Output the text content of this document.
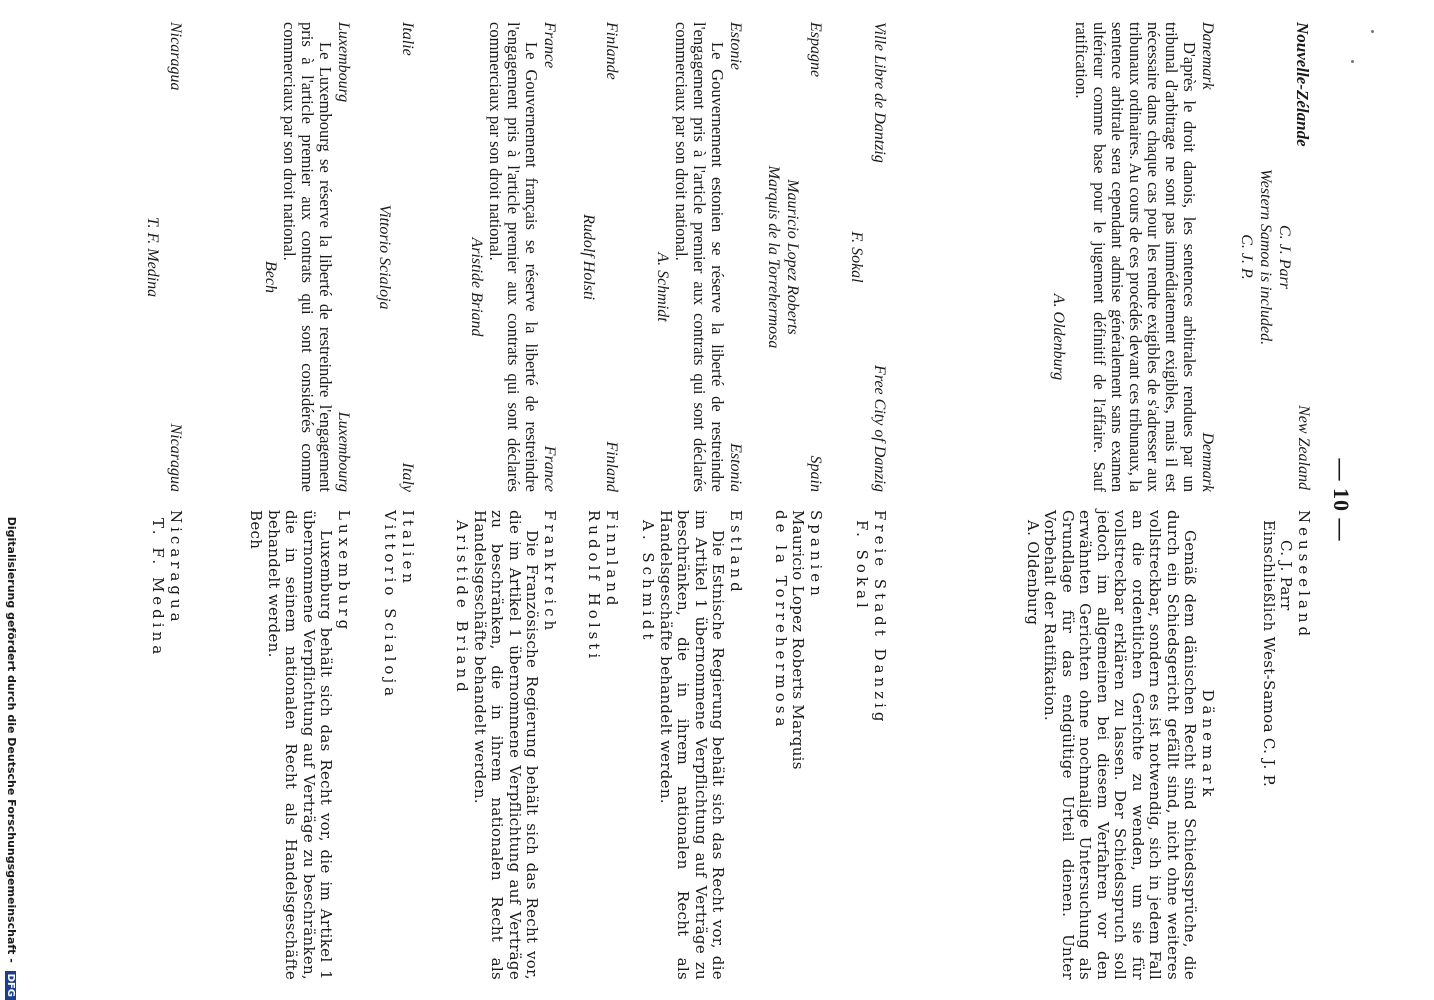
— 10 —
Nouvelle-Zélande
C. J. Parr
Western Samoa is included.
C. J. P.
New Zealand
Neuseeland
C. J. Parr
Einschließlich West-Samoa C. J. P.
Danemark
Denmark

D'après le droit danois, les sentences arbitrales rendues par un tribunal d'arbitrage ne sont pas immédiatement exigibles, mais il est nécessaire dans chaque cas pour les rendre exigibles de s'adresser aux tribunaux ordinaires. Au cours de ces procédés devant ces tribunaux, la sentence arbitrale sera cependant admise généralement sans examen ultérieur comme base pour le jugement définitif de l'affaire. Sauf ratification.

A. Oldenburg
Dänemark

Gemäß dem dänischen Recht sind Schiedssprüche, die durch ein Schiedsgericht gefällt sind, nicht ohne weiteres vollstreckbar, sondern es ist notwendig, sich in jedem Fall an die ordentlichen Gerichte zu wenden, um sie für vollstreckbar erklären zu lassen. Der Schiedsspruch soll jedoch im allgemeinen bei diesem Verfahren vor den erwähnten Gerichten ohne nochmalige Untersuchung als Grundlage für das endgültige Urteil dienen. Unter Vorbehalt der Ratifikation.

A. Oldenburg
Ville Libre de Dantzig
Free City of Danzig
F. Sokal
Freie Stadt Danzig
F. Sokal
Espagne
Spain
Mauricio Lopez Roberts
Marquis de la Torrehermosa
Spanien
Mauricio Lopez Roberts Marquis
de la Torrehermosa
Estonie
Estonia

Le Gouvernement estonien se réserve la liberté de restreindre l'engagement pris à l'article premier aux contrats qui sont déclarés commerciaux par son droit national.

A. Schmidt
Estland

Die Estnische Regierung behält sich das Recht vor, die im Artikel 1 übernommene Verpflichtung auf Verträge zu beschränken, die in ihrem nationalen Recht als Handelsgeschäfte behandelt werden.

A. Schmidt
Finlande
Finland
Rudolf Holsti
Finnland
Rudolf Holsti
France
France

Le Gouvernement français se réserve la liberté de restreindre l'engagement pris à l'article premier aux contrats qui sont déclarés commerciaux par son droit national.

Aristide Briand
Frankreich

Die Französische Regierung behält sich das Recht vor, die im Artikel 1 übernommene Verpflichtung auf Verträge zu beschränken, die in ihrem nationalen Recht als Handelsgeschäfte behandelt werden.

Aristide Briand
Italie
Italy
Vittorio Scialoja
Italien
Vittorio Scialoja
Luxembourg
Luxembourg

Le Luxembourg se réserve la liberté de restreindre l'engagement pris à l'article premier aux contrats qui sont considérés comme commerciaux par son droit national.

Bech
Luxemburg

Luxemburg behält sich das Recht vor, die im Artikel 1 übernommene Verpflichtung auf Verträge zu beschränken, die in seinem nationalen Recht als Handelsgeschäfte behandelt werden.

Bech
Nicaragua
Nicaragua
T. F. Medina
Nicaragua
T. F. Medina
Digitalisierung gefördert durch die Deutsche Forschungsgemeinschaft - DFG
